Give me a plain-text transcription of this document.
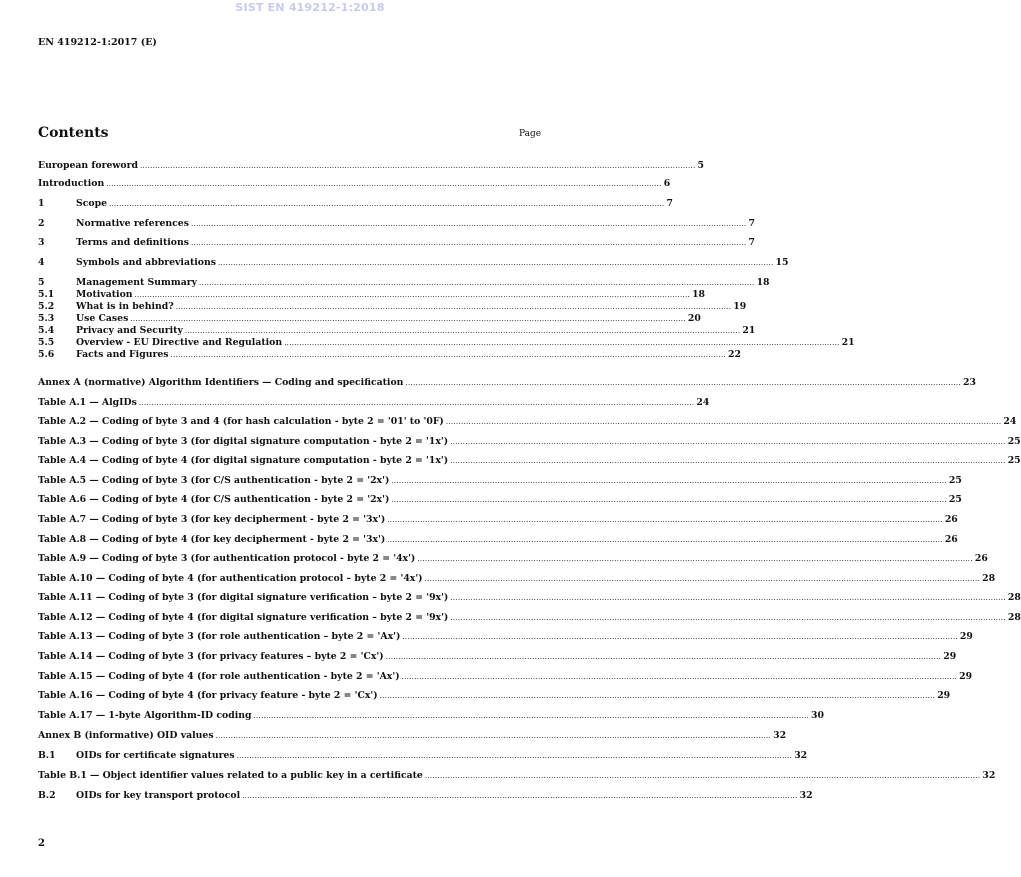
SIST EN 419212-1:2018
EN 419212-1:2017 (E)
Contents	Page
European foreword ............................................................................................................................................................................................................................ 5
Introduction ............................................................................................................................................................................................................................ 6
1	Scope ............................................................................................................................................................................................................................ 7
2	Normative references ............................................................................................................................................................................................................................ 7
3	Terms and definitions ............................................................................................................................................................................................................................ 7
4	Symbols and abbreviations ............................................................................................................................................................................................................................ 15
5	Management Summary ............................................................................................................................................................................................................................ 18
5.1	Motivation ............................................................................................................................................................................................................................ 18
5.2	What is in behind? ............................................................................................................................................................................................................................ 19
5.3	Use Cases ............................................................................................................................................................................................................................ 20
5.4	Privacy and Security ............................................................................................................................................................................................................................ 21
5.5	Overview - EU Directive and Regulation ............................................................................................................................................................................................................................ 21
5.6	Facts and Figures ............................................................................................................................................................................................................................ 22
Annex A (normative) Algorithm Identifiers — Coding and specification ............................................................................................................................................................................................................................ 23
Table A.1 — AlgIDs ............................................................................................................................................................................................................................ 24
Table A.2 — Coding of byte 3 and 4 (for hash calculation - byte 2 = '01' to '0F) ............................................................................................................................................................................................................................ 24
Table A.3 — Coding of byte 3 (for digital signature computation - byte 2 = '1x') ............................................................................................................................................................................................................................ 25
Table A.4 — Coding of byte 4 (for digital signature computation - byte 2 = '1x') ............................................................................................................................................................................................................................ 25
Table A.5 — Coding of byte 3 (for C/S authentication - byte 2 = '2x') ............................................................................................................................................................................................................................ 25
Table A.6 — Coding of byte 4 (for C/S authentication - byte 2 = '2x') ............................................................................................................................................................................................................................ 25
Table A.7 — Coding of byte 3 (for key decipherment - byte 2 = '3x') ............................................................................................................................................................................................................................ 26
Table A.8 — Coding of byte 4 (for key decipherment - byte 2 = '3x') ............................................................................................................................................................................................................................ 26
Table A.9 — Coding of byte 3 (for authentication protocol - byte 2 = '4x') ............................................................................................................................................................................................................................ 26
Table A.10 — Coding of byte 4 (for authentication protocol – byte 2 = '4x') ............................................................................................................................................................................................................................ 28
Table A.11 — Coding of byte 3 (for digital signature verification – byte 2 = '9x') ............................................................................................................................................................................................................................ 28
Table A.12 — Coding of byte 4 (for digital signature verification – byte 2 = '9x') ............................................................................................................................................................................................................................ 28
Table A.13 — Coding of byte 3 (for role authentication – byte 2 = 'Ax') ............................................................................................................................................................................................................................ 29
Table A.14 — Coding of byte 3 (for privacy features – byte 2 = 'Cx') ............................................................................................................................................................................................................................ 29
Table A.15 — Coding of byte 4 (for role authentication - byte 2 = 'Ax') ............................................................................................................................................................................................................................ 29
Table A.16 — Coding of byte 4 (for privacy feature - byte 2 = 'Cx') ............................................................................................................................................................................................................................ 29
Table A.17 — 1-byte Algorithm-ID coding ............................................................................................................................................................................................................................ 30
Annex B (informative) OID values ............................................................................................................................................................................................................................ 32
B.1	OIDs for certificate signatures ............................................................................................................................................................................................................................ 32
Table B.1 — Object identifier values related to a public key in a certificate ............................................................................................................................................................................................................................ 32
B.2	OIDs for key transport protocol ............................................................................................................................................................................................................................ 32
2
